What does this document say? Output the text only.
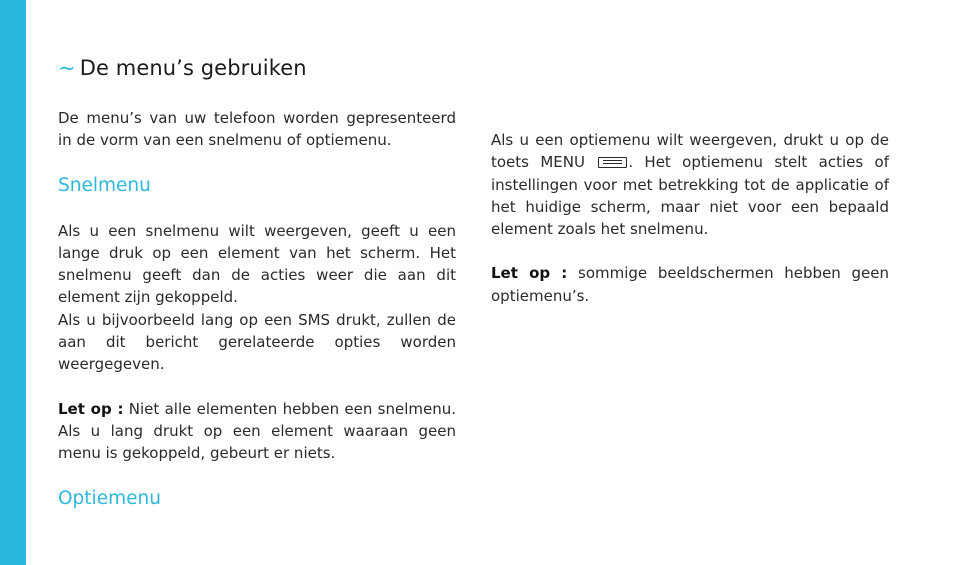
~ De menu’s gebruiken

De menu’s van uw telefoon worden gepresenteerd in de vorm van een snelmenu of optiemenu.

Snelmenu

Als u een snelmenu wilt weergeven, geeft u een lange druk op een element van het scherm. Het snelmenu geeft dan de acties weer die aan dit element zijn gekoppeld.

Als u bijvoorbeeld lang op een SMS drukt, zullen de aan dit bericht gerelateerde opties worden weergegeven.

Let op : Niet alle elementen hebben een snelmenu. Als u lang drukt op een element waaraan geen menu is gekoppeld, gebeurt er niets.

Optiemenu

Als u een optiemenu wilt weergeven, drukt u op de toets MENU
. Het optiemenu stelt acties of instellingen voor met betrekking tot de applicatie of het huidige scherm, maar niet voor een bepaald element zoals het snelmenu.

Let op : sommige beeldschermen hebben geen optiemenu’s.
